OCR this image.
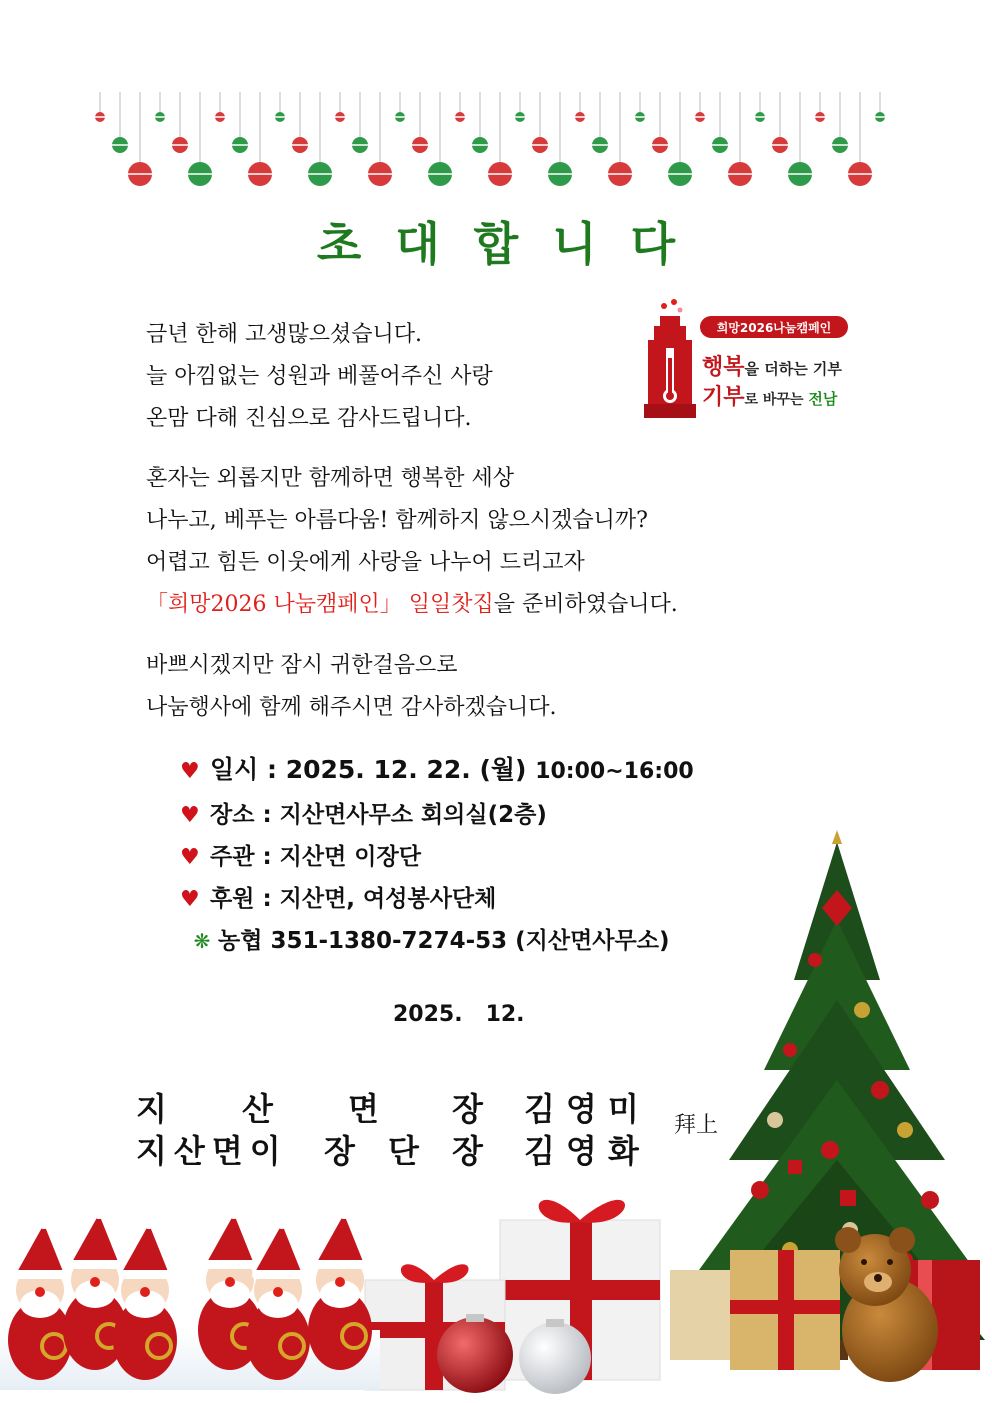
초대합니다
희망2026나눔캠페인
행복을 더하는 기부
기부로 바꾸는 전남
금년 한해 고생많으셨습니다.
늘 아낌없는 성원과 베풀어주신 사랑
온맘 다해 진심으로 감사드립니다.
혼자는 외롭지만 함께하면 행복한 세상
나누고, 베푸는 아름다움! 함께하지 않으시겠습니까?
어렵고 힘든 이웃에게 사랑을 나누어 드리고자
「희망2026 나눔캠페인」 일일찻집을 준비하였습니다.
바쁘시겠지만 잠시 귀한걸음으로
나눔행사에 함께 해주시면 감사하겠습니다.
♥ 일시 : 2025. 12. 22. (월) 10:00~16:00
♥ 장소 : 지산면사무소 회의실(2층)
♥ 주관 : 지산면 이장단
♥ 후원 : 지산면, 여성봉사단체
❋ 농협 351-1380-7274-53 (지산면사무소)
2025.   12.
지 산 면 장 김영미
지산면이 장 단 장 김영화
拜上
